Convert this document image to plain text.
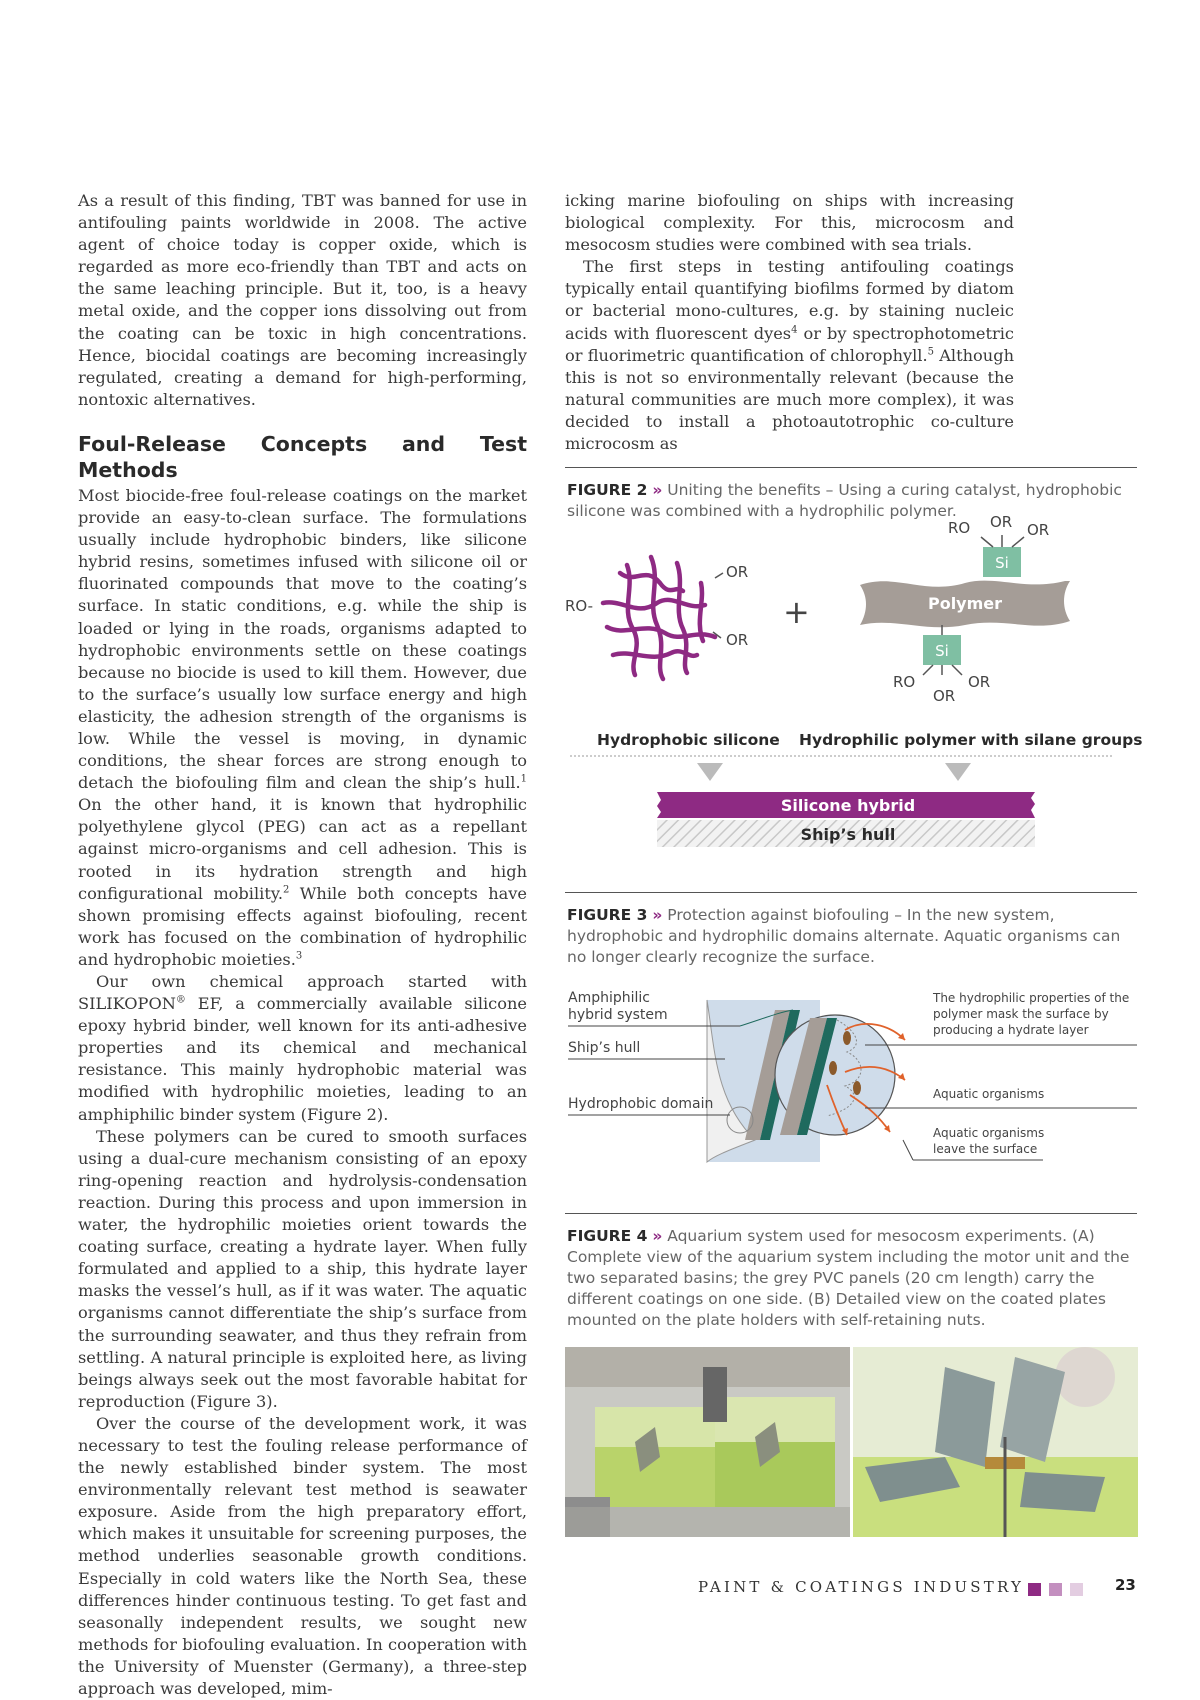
As a result of this finding, TBT was banned for use in antifouling paints worldwide in 2008. The active agent of choice today is copper oxide, which is regarded as more eco-friendly than TBT and acts on the same leaching principle. But it, too, is a heavy metal oxide, and the copper ions dissolving out from the coating can be toxic in high concentrations. Hence, biocidal coatings are becoming increasingly regulated, creating a demand for high-performing, nontoxic alternatives.

Foul-Release Concepts and Test Methods

Most biocide-free foul-release coatings on the market provide an easy-to-clean surface. The formulations usually include hydrophobic binders, like silicone hybrid resins, sometimes infused with silicone oil or fluorinated compounds that move to the coating’s surface. In static conditions, e.g. while the ship is loaded or lying in the roads, organisms adapted to hydrophobic environments settle on these coatings because no biocide is used to kill them. However, due to the surface’s usually low surface energy and high elasticity, the adhesion strength of the organisms is low. While the vessel is moving, in dynamic conditions, the shear forces are strong enough to detach the biofouling film and clean the ship’s hull.$^1$ On the other hand, it is known that hydrophilic polyethylene glycol (PEG) can act as a repellant against micro-organisms and cell adhesion. This is rooted in its hydration strength and high configurational mobility.$^2$ While both concepts have shown promising effects against biofouling, recent work has focused on the combination of hydrophilic and hydrophobic moieties.$^3$

Our own chemical approach started with SILIKOPON® EF, a commercially available silicone epoxy hybrid binder, well known for its anti-adhesive properties and its chemical and mechanical resistance. This mainly hydrophobic material was modified with hydrophilic moieties, leading to an amphiphilic binder system (Figure 2).

These polymers can be cured to smooth surfaces using a dual-cure mechanism consisting of an epoxy ring-opening reaction and hydrolysis-condensation reaction. During this process and upon immersion in water, the hydrophilic moieties orient towards the coating surface, creating a hydrate layer. When fully formulated and applied to a ship, this hydrate layer masks the vessel’s hull, as if it was water. The aquatic organisms cannot differentiate the ship’s surface from the surrounding seawater, and thus they refrain from settling. A natural principle is exploited here, as living beings always seek out the most favorable habitat for reproduction (Figure 3).

Over the course of the development work, it was necessary to test the fouling release performance of the newly established binder system. The most environmentally relevant test method is seawater exposure. Aside from the high preparatory effort, which makes it unsuitable for screening purposes, the method underlies seasonable growth conditions. Especially in cold waters like the North Sea, these differences hinder continuous testing. To get fast and seasonally independent results, we sought new methods for biofouling evaluation. In cooperation with the University of Muenster (Germany), a three-step approach was developed, mim-

icking marine biofouling on ships with increasing biological complexity. For this, microcosm and mesocosm studies were combined with sea trials.

The first steps in testing antifouling coatings typically entail quantifying biofilms formed by diatom or bacterial mono-cultures, e.g. by staining nucleic acids with fluorescent dyes$^4$ or by spectrophotometric or fluorimetric quantification of chlorophyll.$^5$ Although this is not so environmentally relevant (because the natural communities are much more complex), it was decided to install a photoautotrophic co-culture microcosm as

FIGURE 2 » Uniting the benefits – Using a curing catalyst, hydrophobic silicone was combined with a hydrophilic polymer.
RO-
OR
OR
+	Polymer
Si
RO OR OR
Si
RO
OR
OR
Hydrophobic silicone Hydrophilic polymer with silane groups
Silicone hybrid
Ship’s hull
FIGURE 3 » Protection against biofouling – In the new system, hydrophobic and hydrophilic domains alternate. Aquatic organisms can no longer clearly recognize the surface.
Amphiphilic
hybrid system
Ship’s hull
Hydrophobic domain
The hydrophilic properties of the
polymer mask the surface by
producing a hydrate layer
Aquatic organisms
Aquatic organisms
leave the surface
FIGURE 4 » Aquarium system used for mesocosm experiments. (A) Complete view of the aquarium system including the motor unit and the two separated basins; the grey PVC panels (20 cm length) carry the different coatings on one side. (B) Detailed view on the coated plates mounted on the plate holders with self-retaining nuts.
PAINT & COATINGS INDUSTRY	23
